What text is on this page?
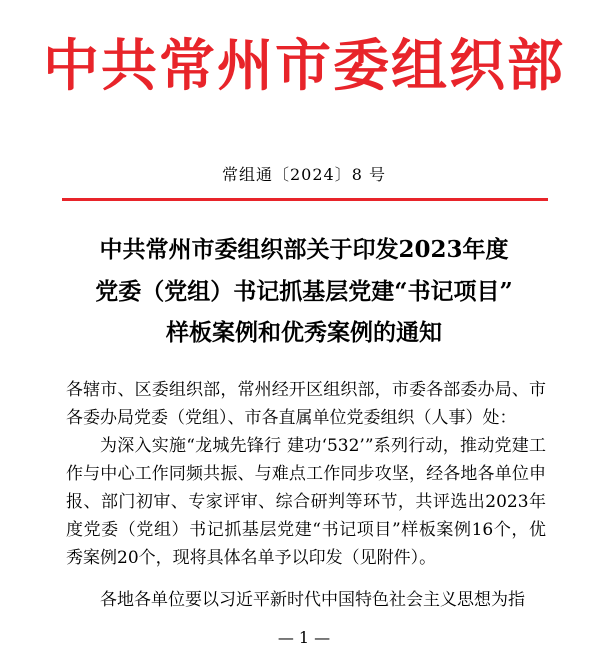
中共常州市委组织部
常组通〔2024〕8 号
中共常州市委组织部关于印发2023年度
党委（党组）书记抓基层党建“书记项目”
样板案例和优秀案例的通知
各辖市、区委组织部，常州经开区组织部，市委各部委办局、市各委办局党委（党组）、市各直属单位党委组织（人事）处：
为深入实施“龙城先锋行 建功‘532’”系列行动，推动党建工作与中心工作同频共振、与难点工作同步攻坚，经各地各单位申报、部门初审、专家评审、综合研判等环节，共评选出2023年度党委（党组）书记抓基层党建“书记项目”样板案例16个，优秀案例20个，现将具体名单予以印发（见附件）。
各地各单位要以习近平新时代中国特色社会主义思想为指
— 1 —
